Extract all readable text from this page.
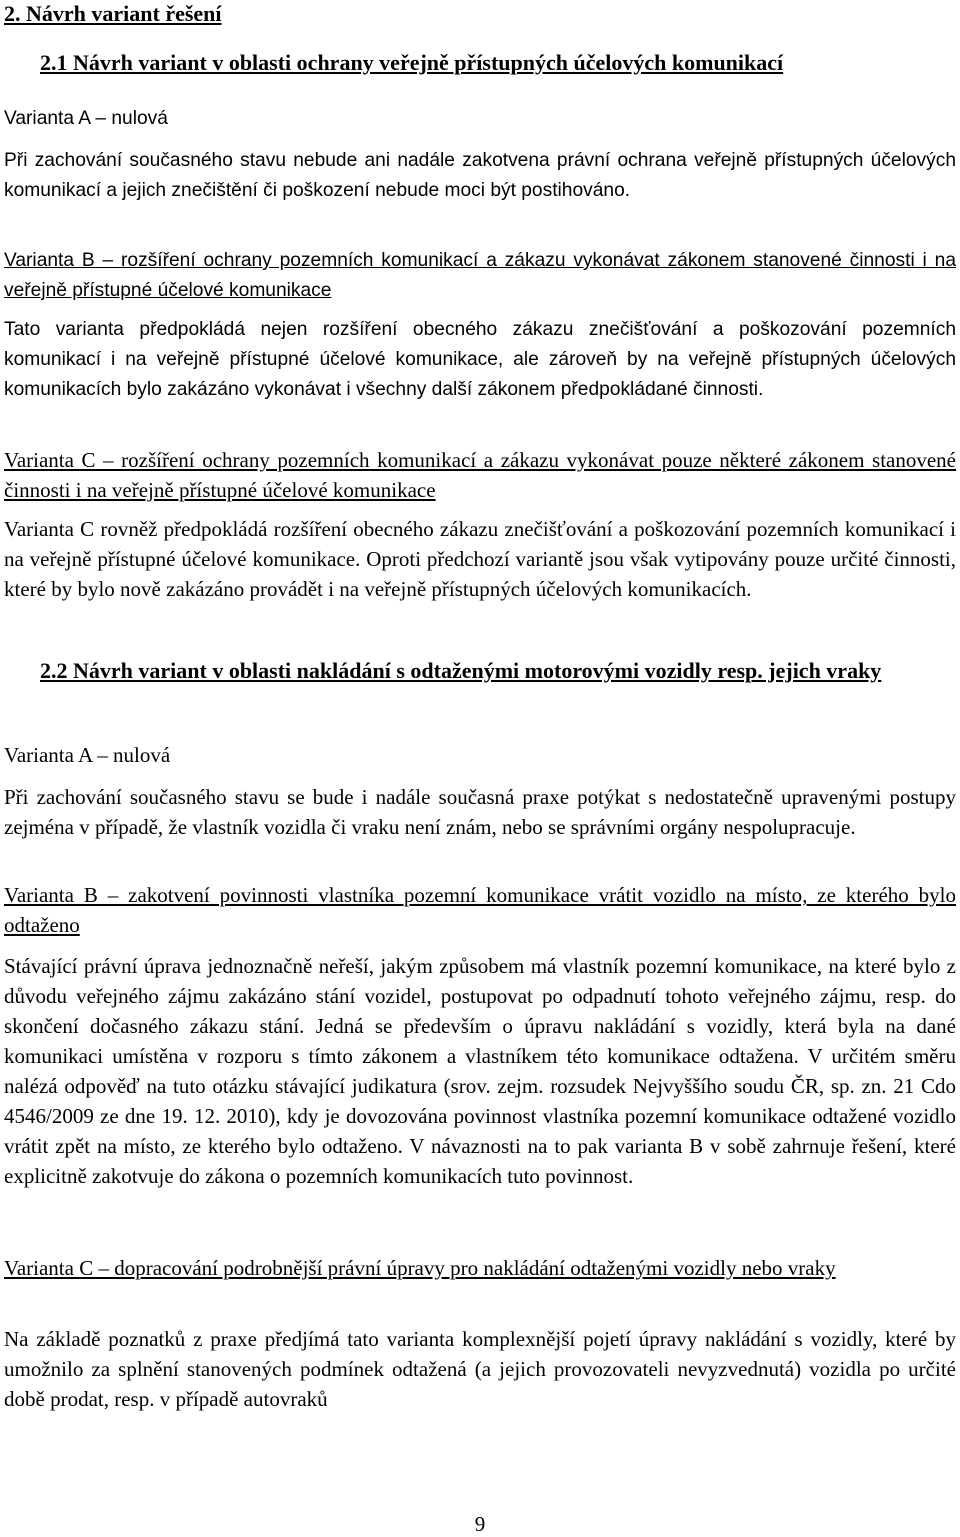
2. Návrh variant řešení
2.1 Návrh variant v oblasti ochrany veřejně přístupných účelových komunikací
Varianta A – nulová
Při zachování současného stavu nebude ani nadále zakotvena právní ochrana veřejně přístupných účelových komunikací a jejich znečištění či poškození nebude moci být postihováno.
Varianta B – rozšíření ochrany pozemních komunikací a zákazu vykonávat zákonem stanovené činnosti i na veřejně přístupné účelové komunikace
Tato varianta předpokládá nejen rozšíření obecného zákazu znečišťování a poškozování pozemních komunikací i na veřejně přístupné účelové komunikace, ale zároveň by na veřejně přístupných účelových komunikacích bylo zakázáno vykonávat i všechny další zákonem předpokládané činnosti.
Varianta C – rozšíření ochrany pozemních komunikací a zákazu vykonávat pouze některé zákonem stanovené činnosti i na veřejně přístupné účelové komunikace
Varianta C rovněž předpokládá rozšíření obecného zákazu znečišťování a poškozování pozemních komunikací i na veřejně přístupné účelové komunikace. Oproti předchozí variantě jsou však vytipovány pouze určité činnosti, které by bylo nově zakázáno provádět i na veřejně přístupných účelových komunikacích.
2.2 Návrh variant v oblasti nakládání s odtaženými motorovými vozidly resp. jejich vraky
Varianta A – nulová
Při zachování současného stavu se bude i nadále současná praxe potýkat s nedostatečně upravenými postupy zejména v případě, že vlastník vozidla či vraku není znám, nebo se správními orgány nespolupracuje.
Varianta B – zakotvení povinnosti vlastníka pozemní komunikace vrátit vozidlo na místo, ze kterého bylo odtaženo
Stávající právní úprava jednoznačně neřeší, jakým způsobem má vlastník pozemní komunikace, na které bylo z důvodu veřejného zájmu zakázáno stání vozidel, postupovat po odpadnutí tohoto veřejného zájmu, resp. do skončení dočasného zákazu stání. Jedná se především o úpravu nakládání s vozidly, která byla na dané komunikaci umístěna v rozporu s tímto zákonem a vlastníkem této komunikace odtažena. V určitém směru nalézá odpověď na tuto otázku stávající judikatura (srov. zejm. rozsudek Nejvyššího soudu ČR, sp. zn. 21 Cdo 4546/2009 ze dne 19. 12. 2010), kdy je dovozována povinnost vlastníka pozemní komunikace odtažené vozidlo vrátit zpět na místo, ze kterého bylo odtaženo. V návaznosti na to pak varianta B v sobě zahrnuje řešení, které explicitně zakotvuje do zákona o pozemních komunikacích tuto povinnost.
Varianta C – dopracování podrobnější právní úpravy pro nakládání odtaženými vozidly nebo vraky
Na základě poznatků z praxe předjímá tato varianta komplexnější pojetí úpravy nakládání s vozidly, které by umožnilo za splnění stanovených podmínek odtažená (a jejich provozovateli nevyzvednutá) vozidla po určité době prodat, resp. v případě autovraků
9
